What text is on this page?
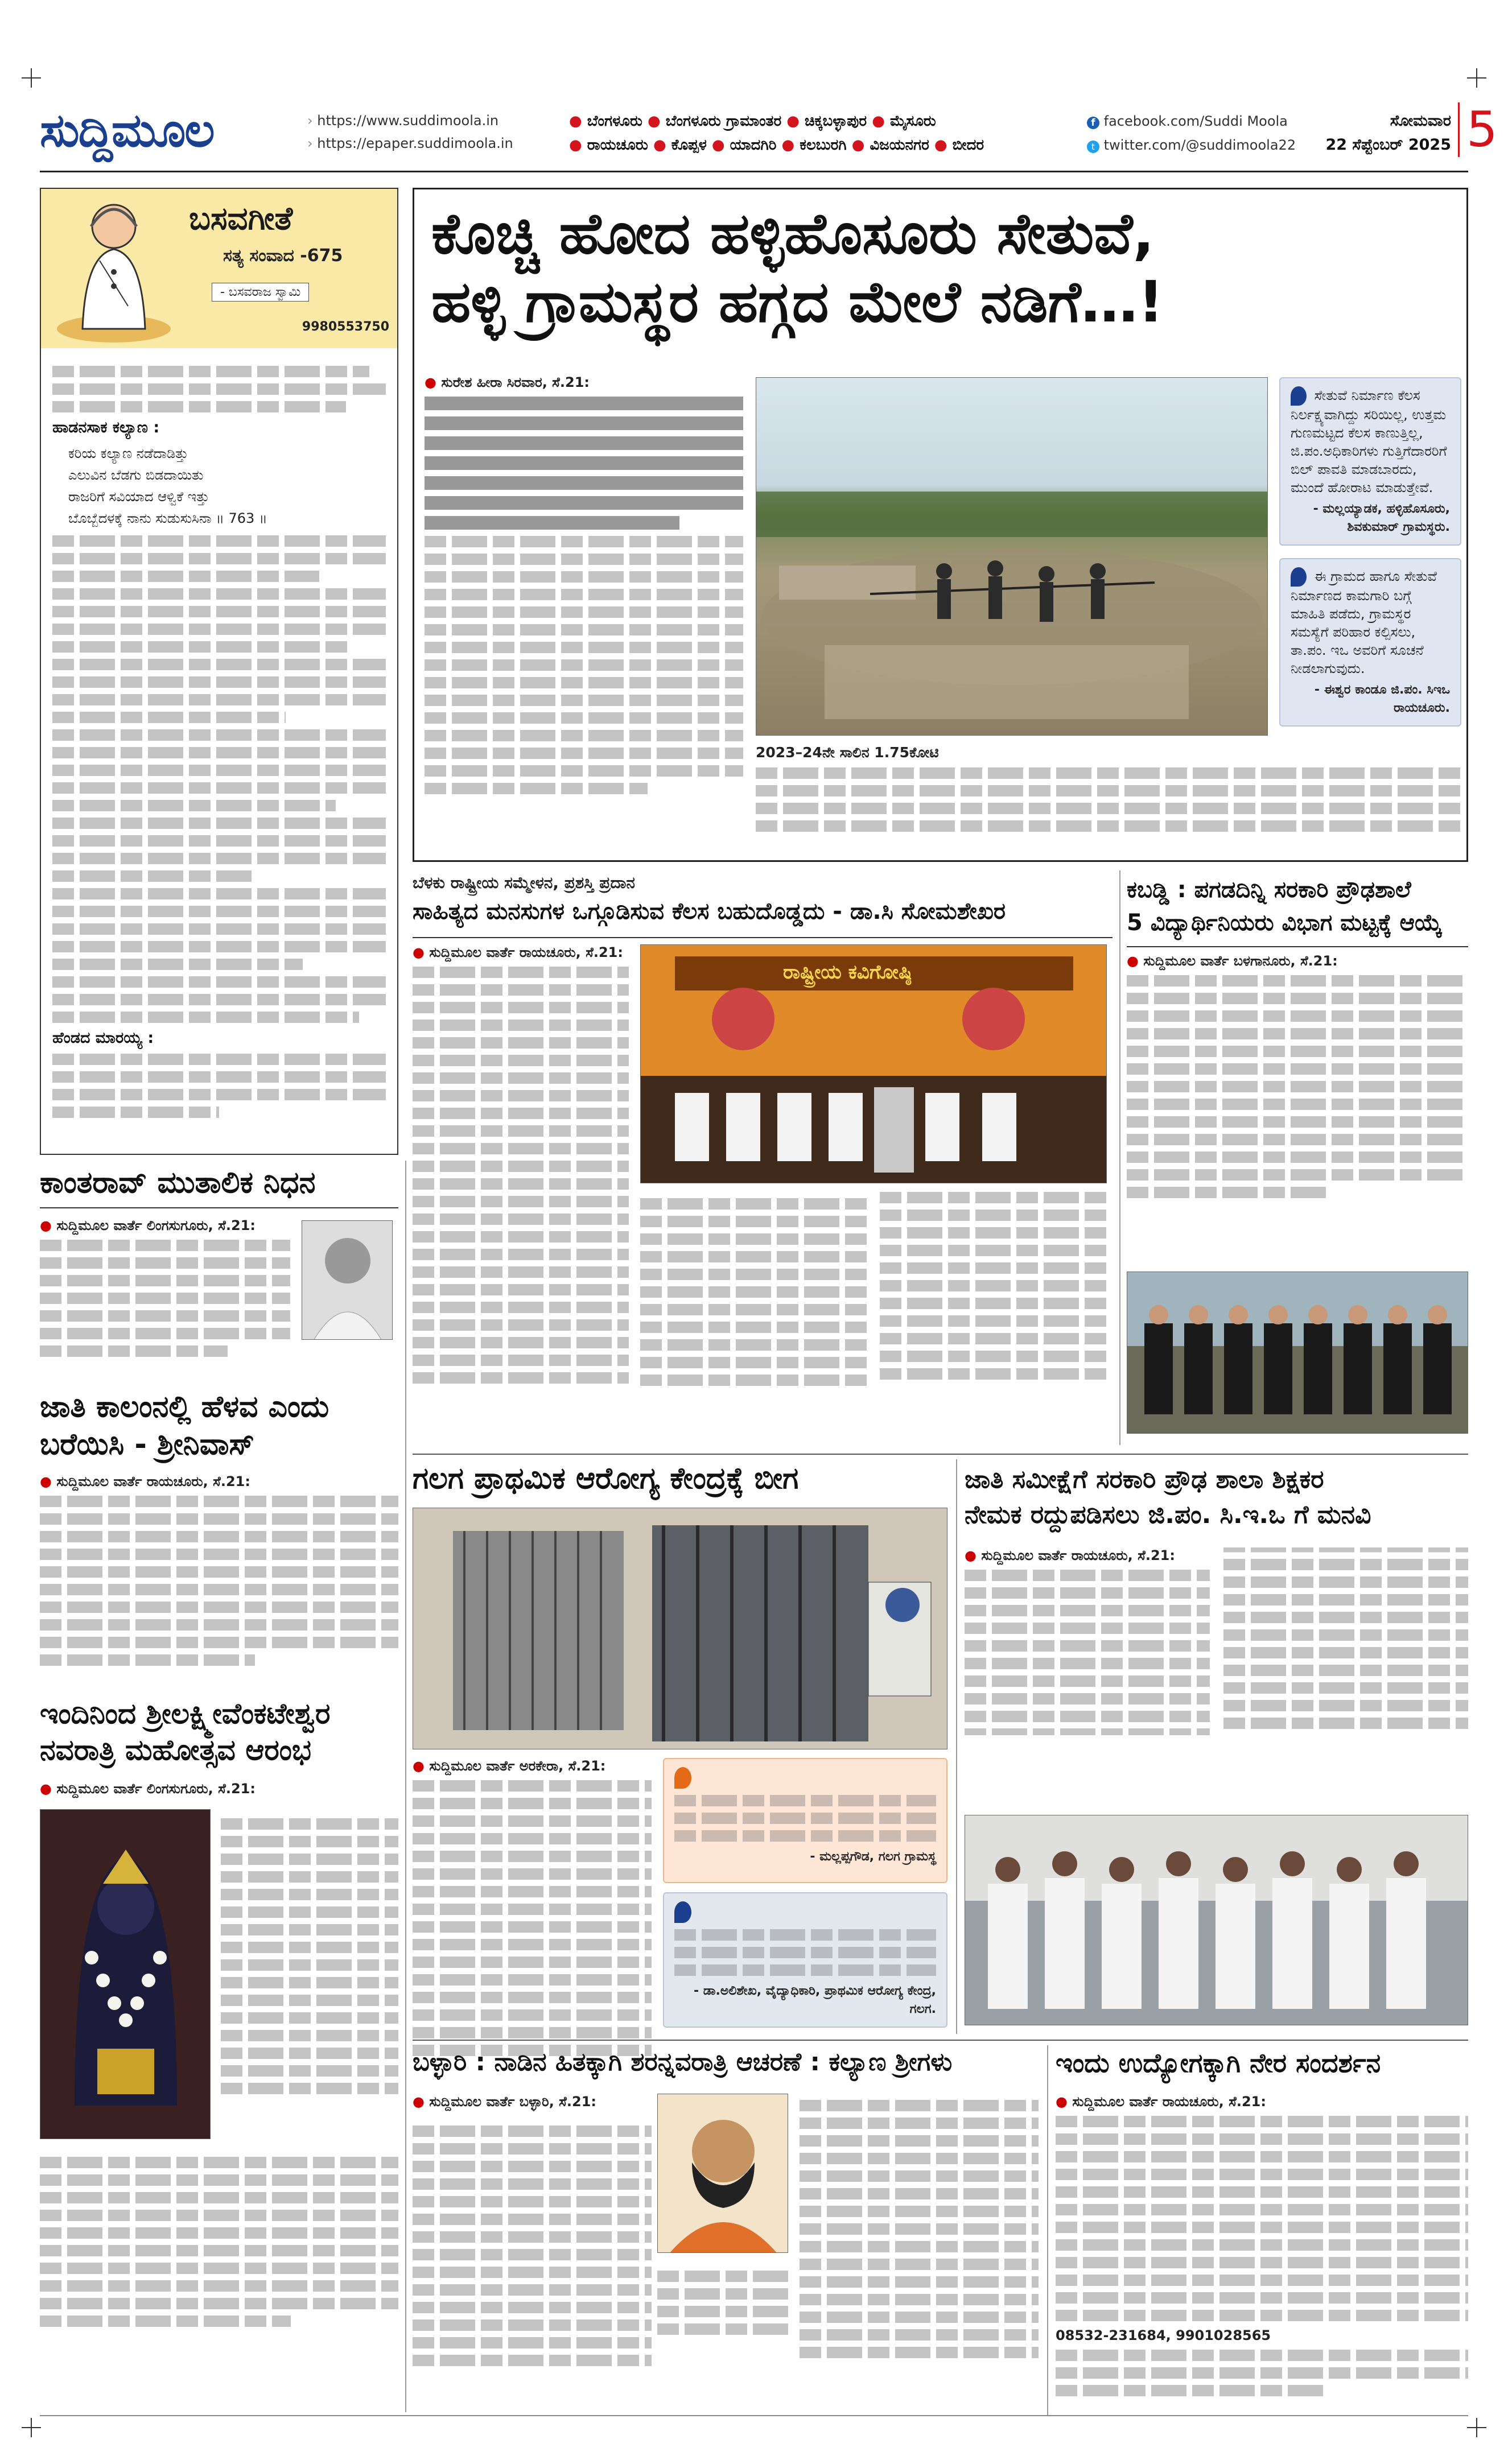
ಸುದ್ದಿಮೂಲ	› https://www.suddimoola.in
› https://epaper.suddimoola.in
● ಬೆಂಗಳೂರು ● ಬೆಂಗಳೂರು ಗ್ರಾಮಾಂತರ ● ಚಿಕ್ಕಬಳ್ಳಾಪುರ ● ಮೈಸೂರು
● ರಾಯಚೂರು ● ಕೊಪ್ಪಳ ● ಯಾದಗಿರಿ ● ಕಲಬುರಗಿ ● ವಿಜಯನಗರ ● ಬೀದರ
f facebook.com/Suddi Moola
t twitter.com/@suddimoola22
ಸೋಮವಾರ
22 ಸೆಪ್ಟೆಂಬರ್ 2025 5
ಬಸವಗೀತೆ
ಸತ್ಯ ಸಂವಾದ -675
- ಬಸವರಾಜ ಸ್ವಾಮಿ
9980553750
ಹಾಡನಸಾಕ ಕಲ್ಯಾಣ :
ಕರಿಯ ಕಲ್ಯಾಣ ನಡೆದಾಡಿತ್ತು
ಎಲುವಿನ ಬೆಡಗು ಬಿಡದಾಯಿತು
ರಾಜರಿಗೆ ಸವಿಯಾದ ಆಳ್ವಿಕೆ ಇತ್ತು
ಬೊಬ್ಬೆದಳಕ್ಕೆ ನಾನು ಸುಡುಸುಸಿನಾ ॥ 763 ॥
ಹೆಂಡದ ಮಾರಯ್ಯ :
ಕೊಚ್ಚಿ ಹೋದ ಹಳ್ಳಿಹೊಸೂರು ಸೇತುವೆ,
ಹಳ್ಳಿ ಗ್ರಾಮಸ್ಥರ ಹಗ್ಗದ ಮೇಲೆ ನಡಿಗೆ…!
● ಸುರೇಶ ಹೀರಾ ಸಿರವಾರ, ಸೆ.21:
ಸೇತುವೆ ನಿರ್ಮಾಣ ಕೆಲಸ ನಿರ್ಲಕ್ಷ್ಯವಾಗಿದ್ದು ಸರಿಯಿಲ್ಲ, ಉತ್ತಮ ಗುಣಮಟ್ಟದ ಕೆಲಸ ಕಾಣುತ್ತಿಲ್ಲ, ಜಿ.ಪಂ.ಅಧಿಕಾರಿಗಳು ಗುತ್ತಿಗೆದಾರರಿಗೆ ಬಿಲ್ ಪಾವತಿ ಮಾಡಬಾರದು, ಮುಂದೆ ಹೋರಾಟ ಮಾಡುತ್ತೇವೆ.
- ಮಲ್ಲಯ್ಯಾಡಕ, ಹಳ್ಳಿಹೊಸೂರು, ಶಿವಕುಮಾರ್ ಗ್ರಾಮಸ್ಥರು.
ಈ ಗ್ರಾಮದ ಹಾಗೂ ಸೇತುವೆ ನಿರ್ಮಾಣದ ಕಾಮಗಾರಿ ಬಗ್ಗೆ ಮಾಹಿತಿ ಪಡೆದು, ಗ್ರಾಮಸ್ಥರ ಸಮಸ್ಯೆಗೆ ಪರಿಹಾರ ಕಲ್ಪಿಸಲು, ತಾ.ಪಂ. ಇಒ ಅವರಿಗೆ ಸೂಚನೆ ನೀಡಲಾಗುವುದು.
- ಈಶ್ವರ ಕಾಂಡೂ ಜಿ.ಪಂ. ಸಿಇಒ ರಾಯಚೂರು.
2023–24ನೇ ಸಾಲಿನ 1.75ಕೋಟಿ
ಕಾಂತರಾವ್ ಮುತಾಲಿಕ ನಿಧನ
● ಸುದ್ದಿಮೂಲ ವಾರ್ತೆ ಲಿಂಗಸುಗೂರು, ಸೆ.21:
ಜಾತಿ ಕಾಲಂನಲ್ಲಿ ಹೆಳವ ಎಂದು
ಬರೆಯಿಸಿ - ಶ್ರೀನಿವಾಸ್
● ಸುದ್ದಿಮೂಲ ವಾರ್ತೆ ರಾಯಚೂರು, ಸೆ.21:
ಇಂದಿನಿಂದ ಶ್ರೀಲಕ್ಷ್ಮೀವೆಂಕಟೇಶ್ವರ
ನವರಾತ್ರಿ ಮಹೋತ್ಸವ ಆರಂಭ
● ಸುದ್ದಿಮೂಲ ವಾರ್ತೆ ಲಿಂಗಸುಗೂರು, ಸೆ.21:
ಬೆಳಕು ರಾಷ್ಟ್ರೀಯ ಸಮ್ಮೇಳನ, ಪ್ರಶಸ್ತಿ ಪ್ರದಾನ
ಸಾಹಿತ್ಯದ ಮನಸುಗಳ ಒಗ್ಗೂಡಿಸುವ ಕೆಲಸ ಬಹುದೊಡ್ಡದು - ಡಾ.ಸಿ ಸೋಮಶೇಖರ
● ಸುದ್ದಿಮೂಲ ವಾರ್ತೆ ರಾಯಚೂರು, ಸೆ.21:
ರಾಷ್ಟ್ರೀಯ ಕವಿಗೋಷ್ಠಿ
ಕಬಡ್ಡಿ : ಪಗಡದಿನ್ನಿ ಸರಕಾರಿ ಪ್ರೌಢಶಾಲೆ
5 ವಿದ್ಯಾರ್ಥಿನಿಯರು ವಿಭಾಗ ಮಟ್ಟಕ್ಕೆ ಆಯ್ಕೆ
● ಸುದ್ದಿಮೂಲ ವಾರ್ತೆ ಬಳಗಾನೂರು, ಸೆ.21:
ಗಲಗ ಪ್ರಾಥಮಿಕ ಆರೋಗ್ಯ ಕೇಂದ್ರಕ್ಕೆ ಬೀಗ
● ಸುದ್ದಿಮೂಲ ವಾರ್ತೆ ಅರಕೇರಾ, ಸೆ.21:
- ಮಲ್ಲಪ್ಪಗೌಡ, ಗಲಗ ಗ್ರಾಮಸ್ಥ
- ಡಾ.ಅಲಿಶೇಖ, ವೈದ್ಯಾಧಿಕಾರಿ, ಪ್ರಾಥಮಿಕ ಆರೋಗ್ಯ ಕೇಂದ್ರ, ಗಲಗ.
ಜಾತಿ ಸಮೀಕ್ಷೆಗೆ ಸರಕಾರಿ ಪ್ರೌಢ ಶಾಲಾ ಶಿಕ್ಷಕರ
ನೇಮಕ ರದ್ದುಪಡಿಸಲು ಜಿ.ಪಂ. ಸಿ.ಇ.ಒ ಗೆ ಮನವಿ
● ಸುದ್ದಿಮೂಲ ವಾರ್ತೆ ರಾಯಚೂರು, ಸೆ.21:
ಬಳ್ಳಾರಿ : ನಾಡಿನ ಹಿತಕ್ಕಾಗಿ ಶರನ್ನವರಾತ್ರಿ ಆಚರಣೆ : ಕಲ್ಯಾಣ ಶ್ರೀಗಳು
● ಸುದ್ದಿಮೂಲ ವಾರ್ತೆ ಬಳ್ಳಾರಿ, ಸೆ.21:
ಇಂದು ಉದ್ಯೋಗಕ್ಕಾಗಿ ನೇರ ಸಂದರ್ಶನ
● ಸುದ್ದಿಮೂಲ ವಾರ್ತೆ ರಾಯಚೂರು, ಸೆ.21:
08532-231684, 9901028565
